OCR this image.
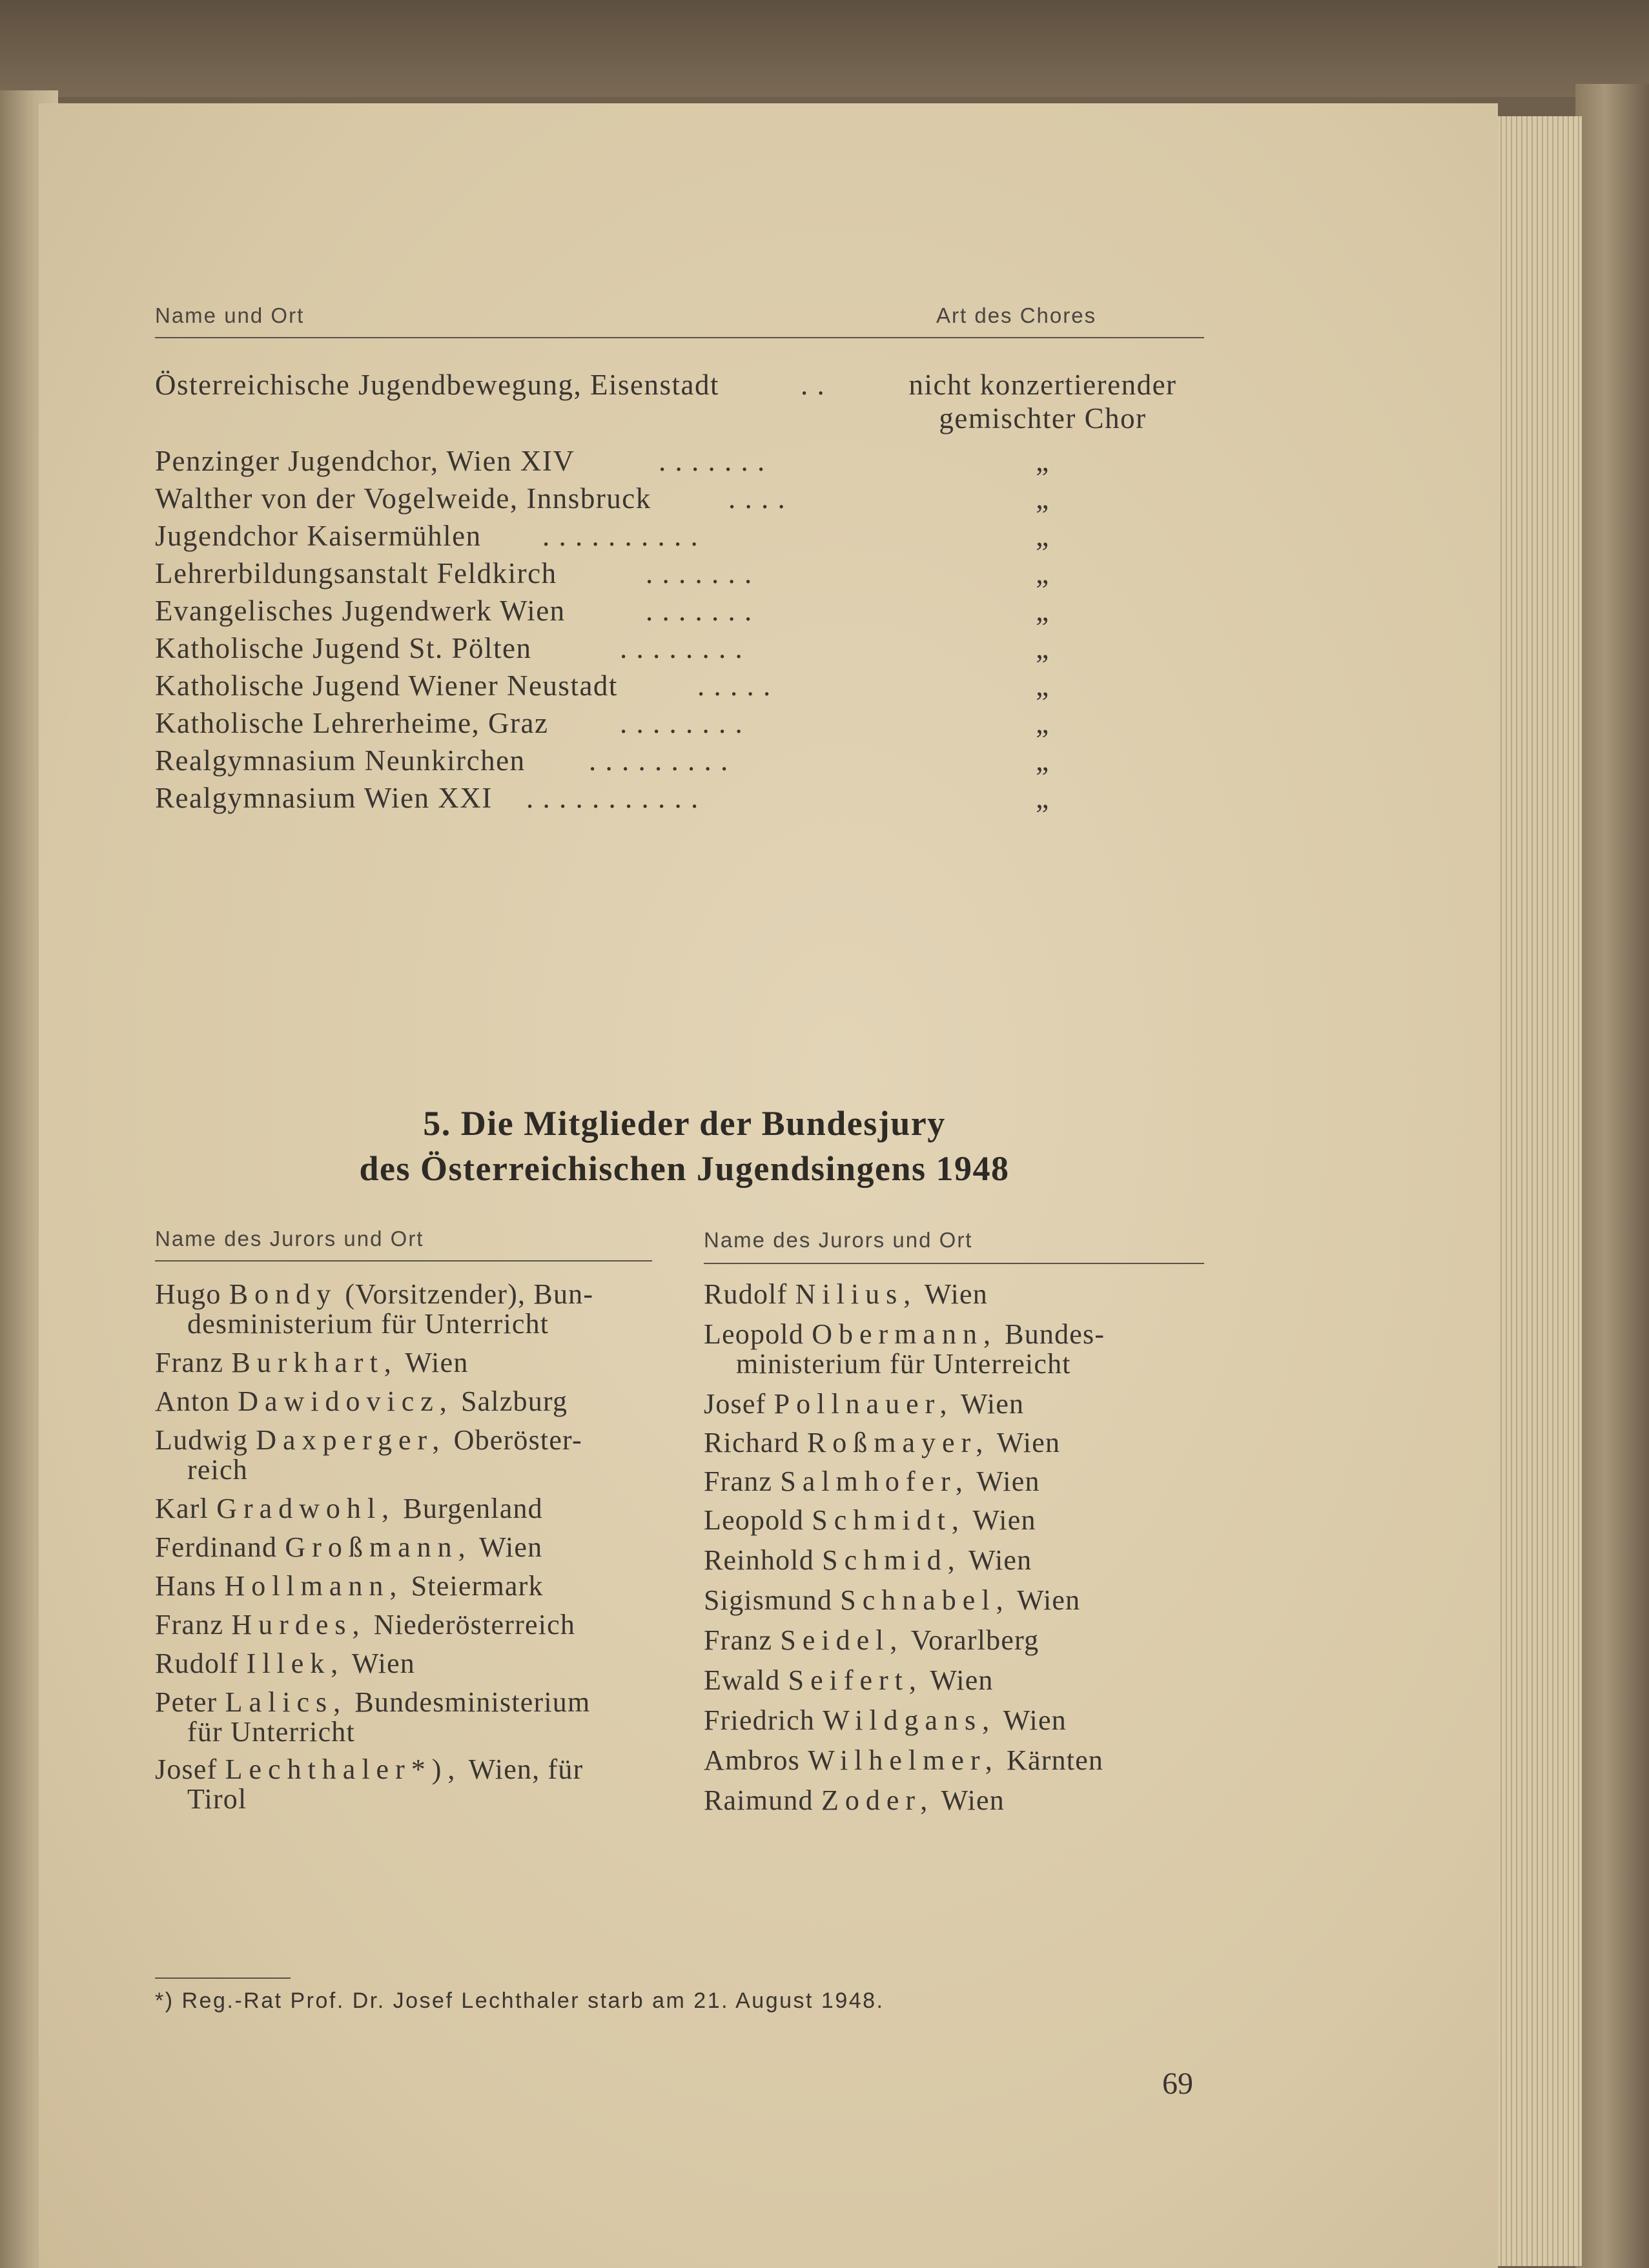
Name und Ort	Art des Chores
Österreichische Jugendbewegung, Eisenstadt	. .	nicht konzertierender gemischter Chor
Penzinger Jugendchor, Wien XIV	. . . . . . .	„
Walther von der Vogelweide, Innsbruck	. . . .	„
Jugendchor Kaisermühlen . . . . . . . . . .	„
Lehrerbildungsanstalt Feldkirch	. . . . . . .	„
Evangelisches Jugendwerk Wien	. . . . . . .	„
Katholische Jugend St. Pölten	. . . . . . . .	„
Katholische Jugend Wiener Neustadt	. . . . .	„
Katholische Lehrerheime, Graz . . . . . . . .	„
Realgymnasium Neunkirchen . . . . . . . . .	„
Realgymnasium Wien XXI . . . . . . . . . . .	„
5. Die Mitglieder der Bundesjury
des Österreichischen Jugendsingens 1948
Name des Jurors und Ort	Name des Jurors und Ort
Hugo Bondy (Vorsitzender), Bun-
desministerium für Unterricht
Franz Burkhart, Wien
Anton Dawidovicz, Salzburg
Ludwig Daxperger, Oberöster-
reich
Karl Gradwohl, Burgenland
Ferdinand Großmann, Wien
Hans Hollmann, Steiermark
Franz Hurdes, Niederösterreich
Rudolf Illek, Wien
Peter Lalics, Bundesministerium
für Unterricht
Josef Lechthaler*), Wien, für
Tirol
Rudolf Nilius, Wien
Leopold Obermann, Bundes-
ministerium für Unterreicht
Josef Pollnauer, Wien
Richard Roßmayer, Wien
Franz Salmhofer, Wien
Leopold Schmidt, Wien
Reinhold Schmid, Wien
Sigismund Schnabel, Wien
Franz Seidel, Vorarlberg
Ewald Seifert, Wien
Friedrich Wildgans, Wien
Ambros Wilhelmer, Kärnten
Raimund Zoder, Wien
*) Reg.-Rat Prof. Dr. Josef Lechthaler starb am 21. August 1948.
69
